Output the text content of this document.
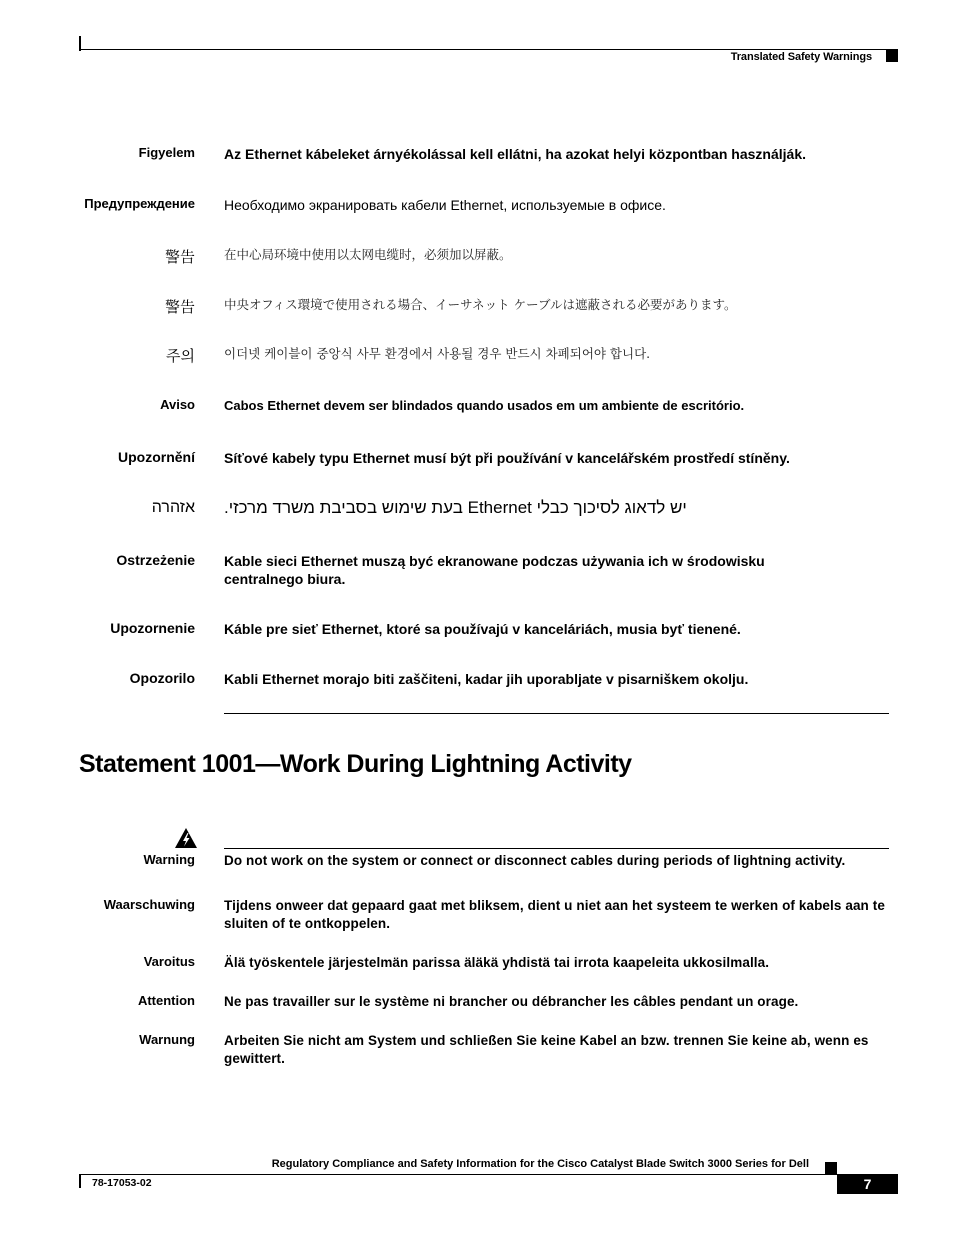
Translated Safety Warnings
Figyelem Az Ethernet kábeleket árnyékolással kell ellátni, ha azokat helyi központban használják.
Предупреждение Необходимо экранировать кабели Ethernet, используемые в офисе.
警告 在中心局环境中使用以太网电缆时，必须加以屏蔽。
警告 中央オフィス環境で使用される場合、イーサネット ケーブルは遮蔽される必要があります。
주의 이더넷 케이블이 중앙식 사무 환경에서 사용될 경우 반드시 차폐되어야 합니다.
Aviso Cabos Ethernet devem ser blindados quando usados em um ambiente de escritório.
Upozornění Síťové kabely typu Ethernet musí být při používání v kancelářském prostředí stíněny.
אזהרה יש לדאוג לסיכוך כבלי Ethernet בעת שימוש בסביבת משרד מרכזי.
Ostrzeżenie Kable sieci Ethernet muszą być ekranowane podczas używania ich w środowisku centralnego biura.
Upozornenie Káble pre sieť Ethernet, ktoré sa používajú v kanceláriách, musia byť tienené.
Opozorilo Kabli Ethernet morajo biti zaščiteni, kadar jih uporabljate v pisarniškem okolju.
Statement 1001—Work During Lightning Activity
Warning Do not work on the system or connect or disconnect cables during periods of lightning activity.
Waarschuwing Tijdens onweer dat gepaard gaat met bliksem, dient u niet aan het systeem te werken of kabels aan te sluiten of te ontkoppelen.
Varoitus Älä työskentele järjestelmän parissa äläkä yhdistä tai irrota kaapeleita ukkosilmalla.
Attention Ne pas travailler sur le système ni brancher ou débrancher les câbles pendant un orage.
Warnung Arbeiten Sie nicht am System und schließen Sie keine Kabel an bzw. trennen Sie keine ab, wenn es gewittert.
Regulatory Compliance and Safety Information for the Cisco Catalyst Blade Switch 3000 Series for Dell
78-17053-02	7
